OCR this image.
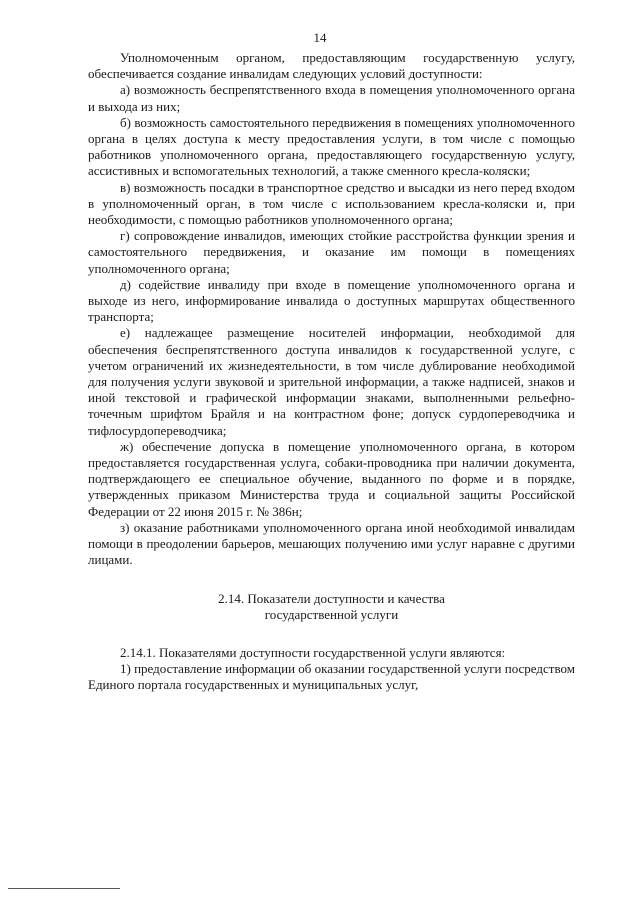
14

Уполномоченным органом, предоставляющим государственную услугу, обеспечивается создание инвалидам следующих условий доступности:

а) возможность беспрепятственного входа в помещения уполномоченного органа и выхода из них;

б) возможность самостоятельного передвижения в помещениях уполномоченного органа в целях доступа к месту предоставления услуги, в том числе с помощью работников уполномоченного органа, предоставляющего государственную услугу, ассистивных и вспомогательных технологий, а также сменного кресла-коляски;

в) возможность посадки в транспортное средство и высадки из него перед входом в уполномоченный орган, в том числе с использованием кресла-коляски и, при необходимости, с помощью работников уполномоченного органа;

г) сопровождение инвалидов, имеющих стойкие расстройства функции зрения и самостоятельного передвижения, и оказание им помощи в помещениях уполномоченного органа;

д) содействие инвалиду при входе в помещение уполномоченного органа и выходе из него, информирование инвалида о доступных маршрутах общественного транспорта;

е) надлежащее размещение носителей информации, необходимой для обеспечения беспрепятственного доступа инвалидов к государственной услуге, с учетом ограничений их жизнедеятельности, в том числе дублирование необходимой для получения услуги звуковой и зрительной информации, а также надписей, знаков и иной текстовой и графической информации знаками, выполненными рельефно-точечным шрифтом Брайля и на контрастном фоне; допуск сурдопереводчика и тифлосурдопереводчика;

ж) обеспечение допуска в помещение уполномоченного органа, в котором предоставляется государственная услуга, собаки-проводника при наличии документа, подтверждающего ее специальное обучение, выданного по форме и в порядке, утвержденных приказом Министерства труда и социальной защиты Российской Федерации от 22 июня 2015 г. № 386н;

з) оказание работниками уполномоченного органа иной необходимой инвалидам помощи в преодолении барьеров, мешающих получению ими услуг наравне с другими лицами.

2.14. Показатели доступности и качества
государственной услуги

2.14.1. Показателями доступности государственной услуги являются:

1) предоставление информации об оказании государственной услуги посредством Единого портала государственных и муниципальных услуг,
